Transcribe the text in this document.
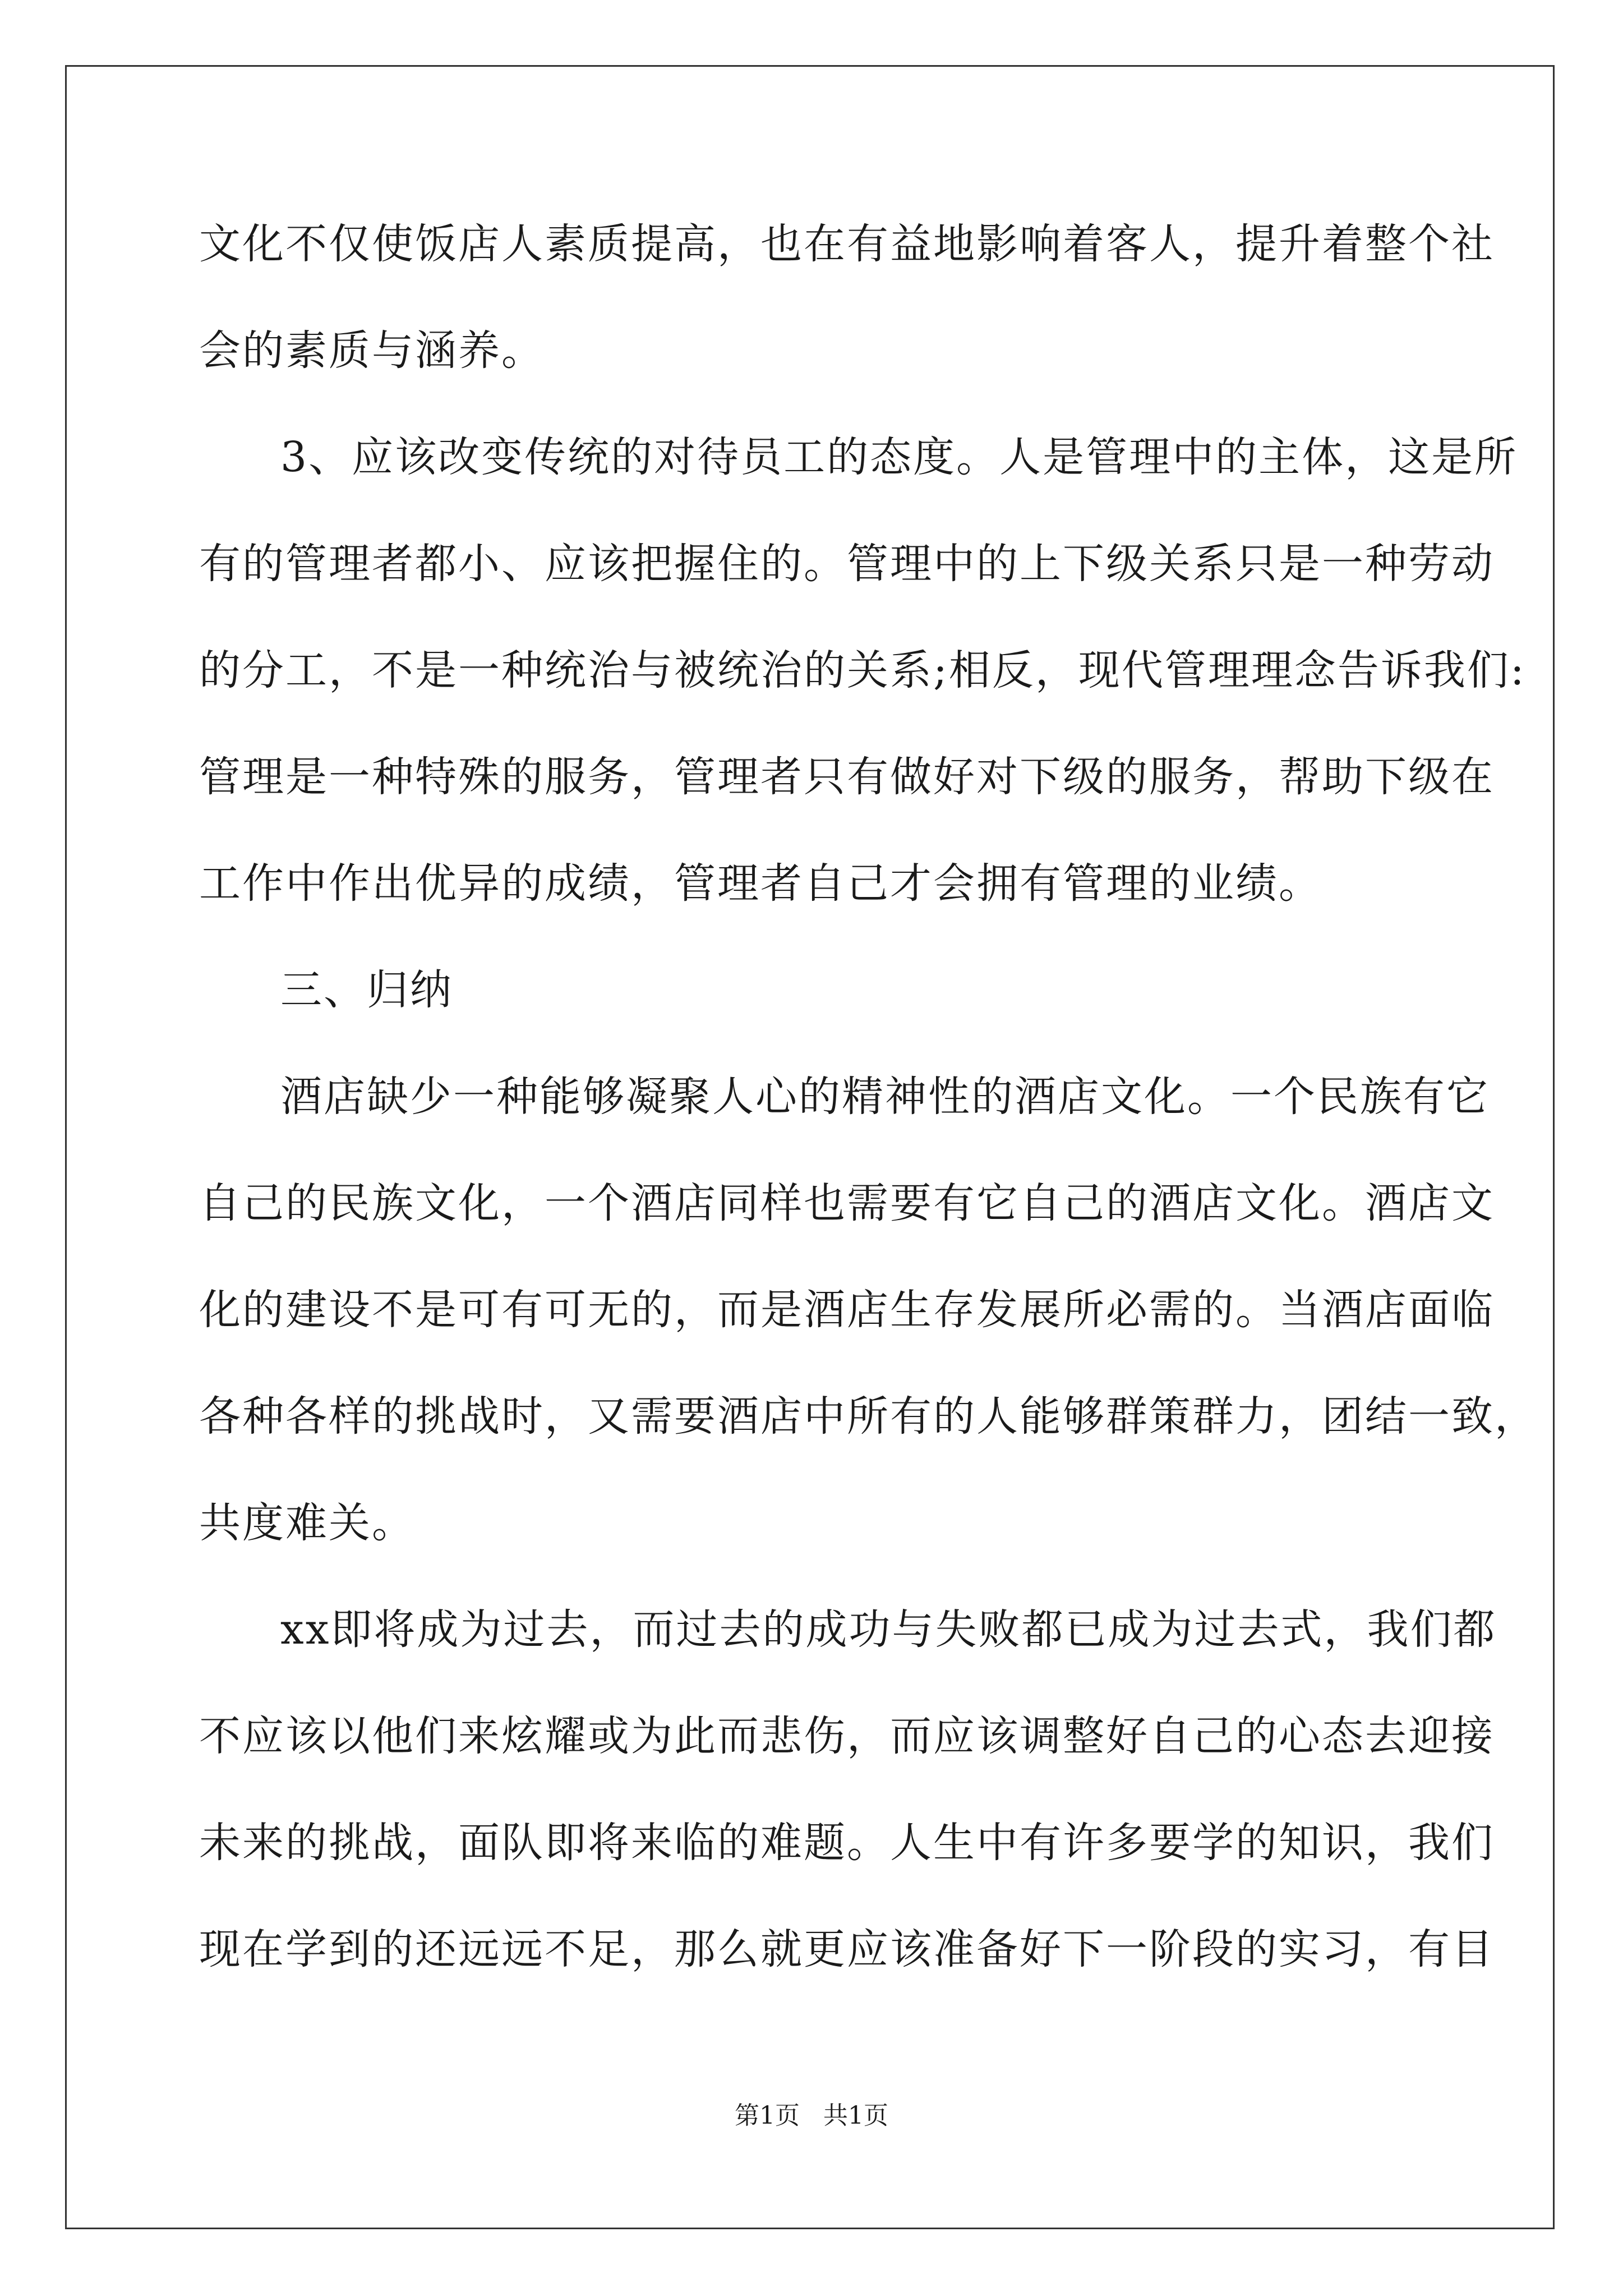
文化不仅使饭店人素质提高，也在有益地影响着客人，提升着整个社
会的素质与涵养。
3、应该改变传统的对待员工的态度。人是管理中的主体，这是所
有的管理者都小、应该把握住的。管理中的上下级关系只是一种劳动
的分工，不是一种统治与被统治的关系;相反，现代管理理念告诉我们:
管理是一种特殊的服务，管理者只有做好对下级的服务，帮助下级在
工作中作出优异的成绩，管理者自己才会拥有管理的业绩。
三、归纳
酒店缺少一种能够凝聚人心的精神性的酒店文化。一个民族有它
自己的民族文化，一个酒店同样也需要有它自己的酒店文化。酒店文
化的建设不是可有可无的，而是酒店生存发展所必需的。当酒店面临
各种各样的挑战时，又需要酒店中所有的人能够群策群力，团结一致，
共度难关。
xx即将成为过去，而过去的成功与失败都已成为过去式，我们都
不应该以他们来炫耀或为此而悲伤，而应该调整好自己的心态去迎接
未来的挑战，面队即将来临的难题。人生中有许多要学的知识，我们
现在学到的还远远不足，那么就更应该准备好下一阶段的实习，有目
第1页 共1页
